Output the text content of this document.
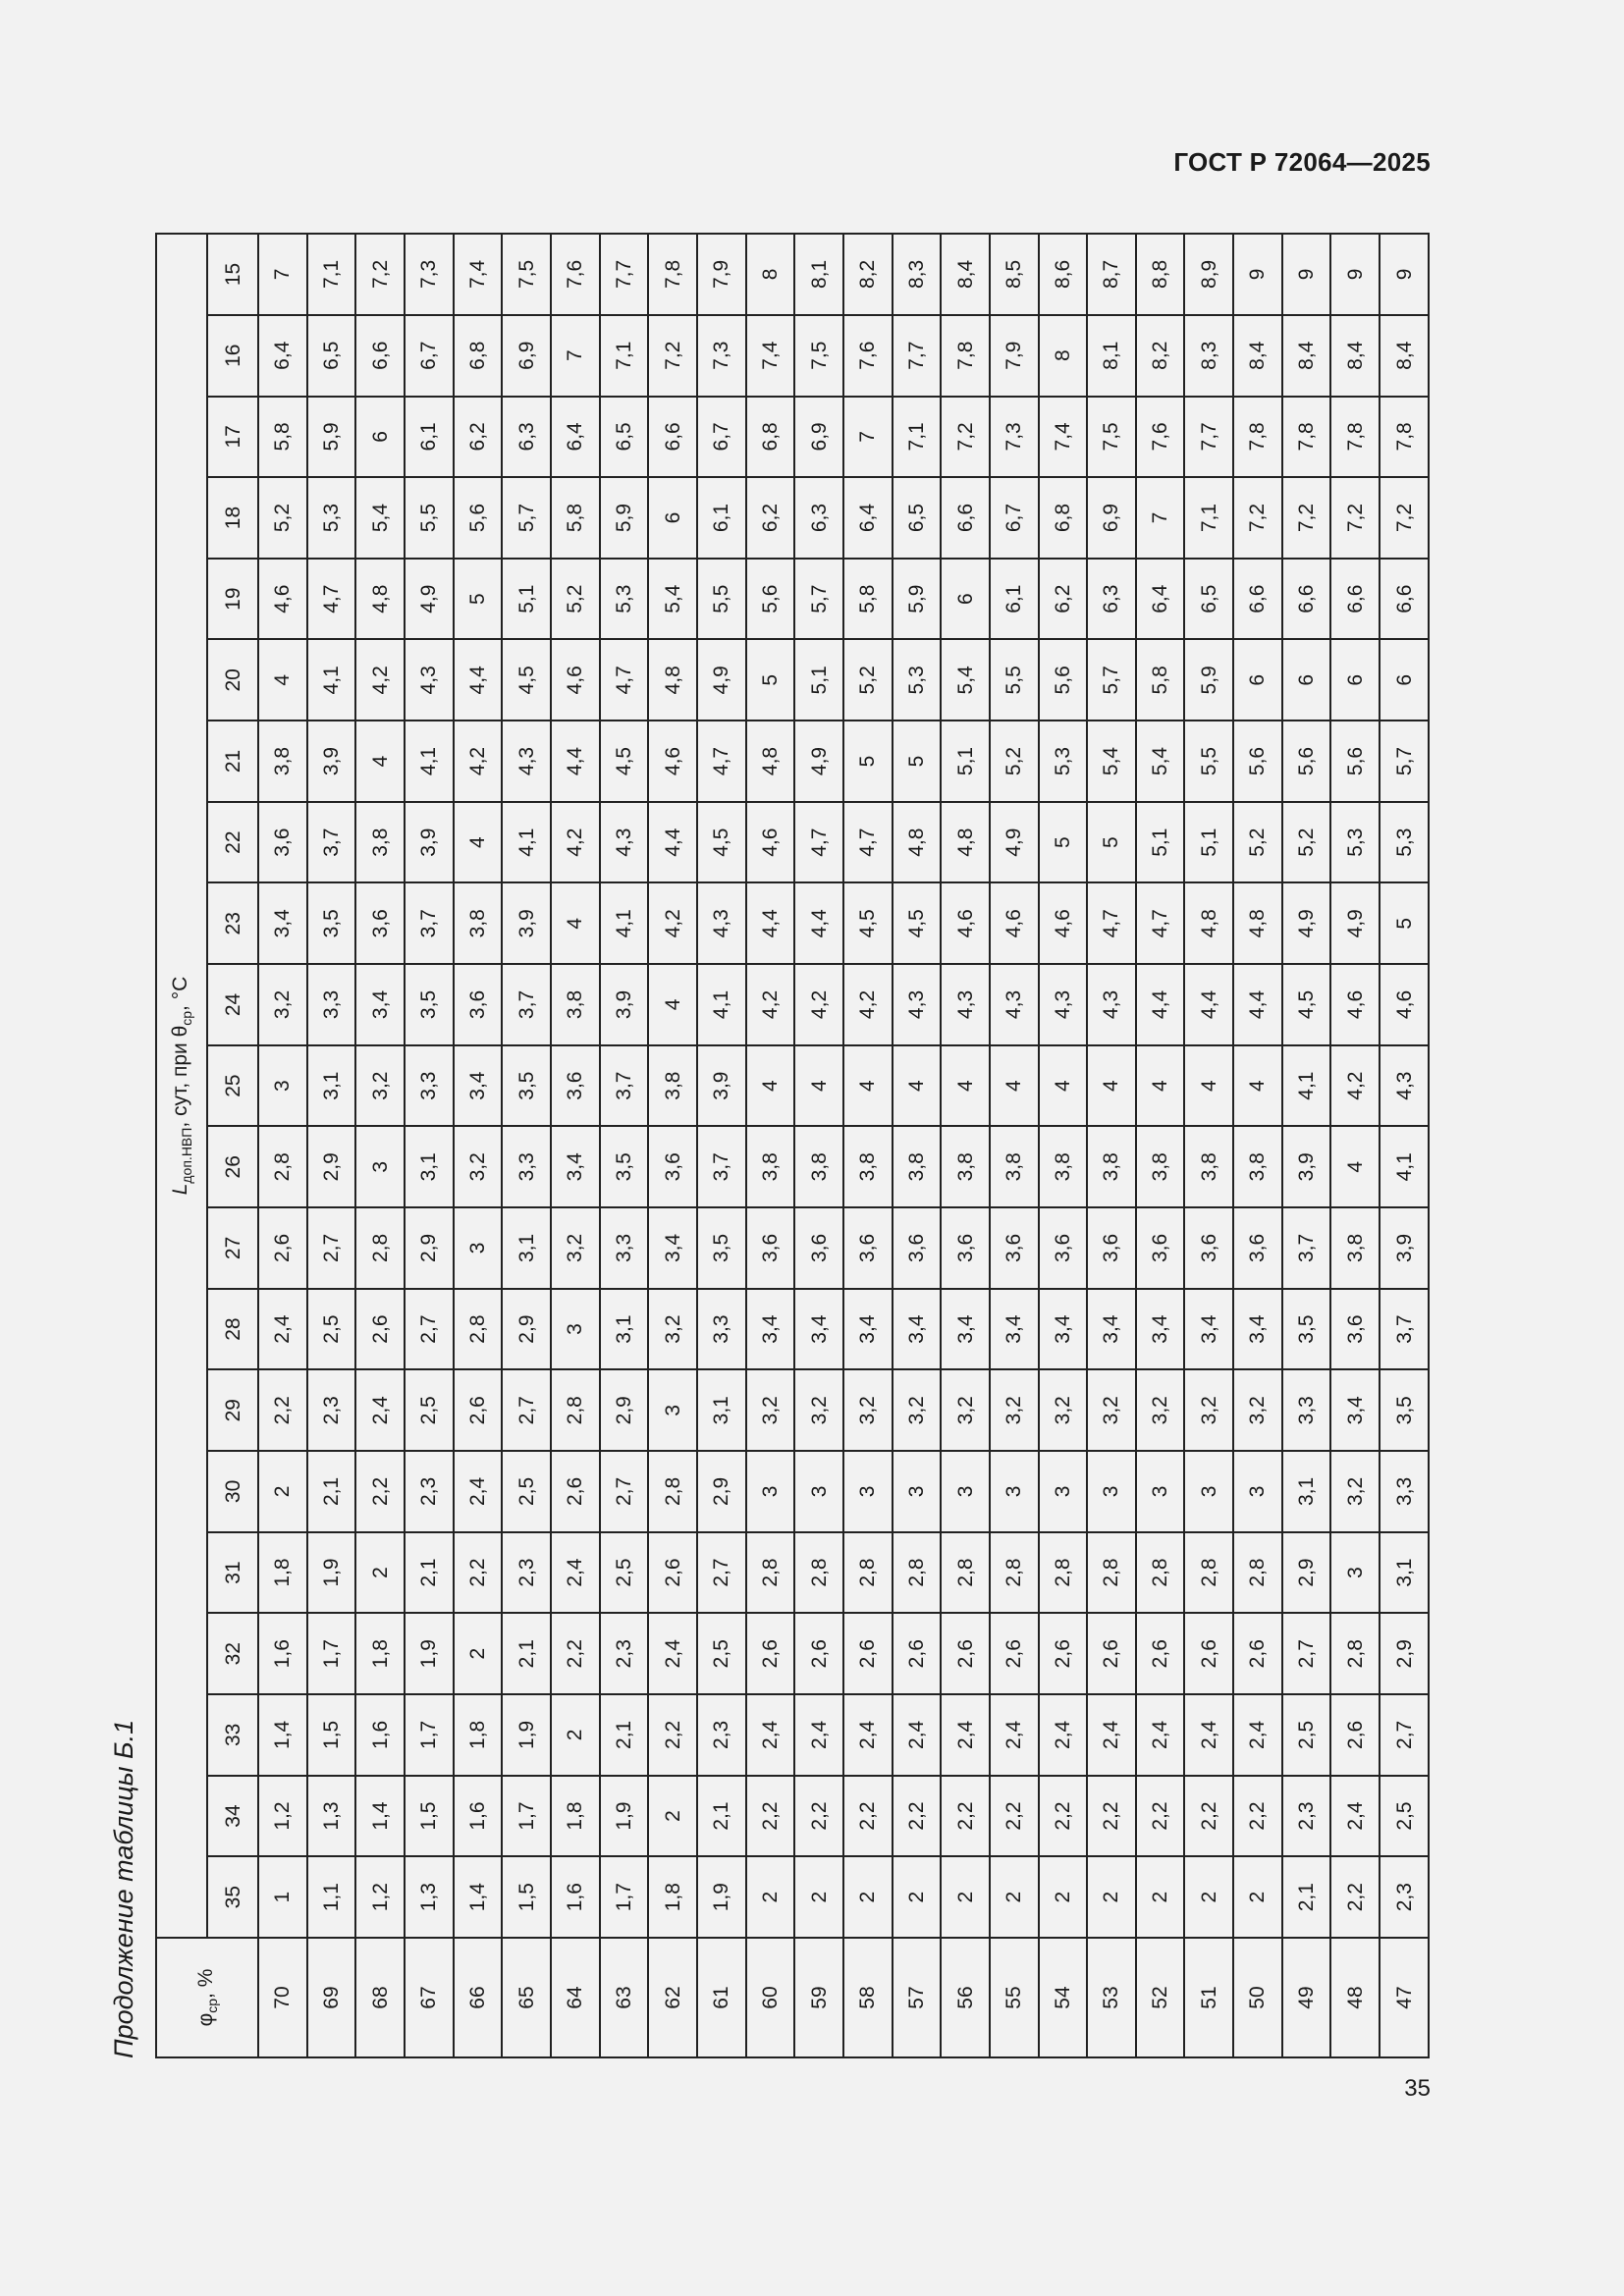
ГОСТ Р 72064—2025
Продолжение таблицы Б.1	$\varphi_{ср}$, %	$L_{доп.НВП}$, сут, при $\theta_{ср}$, °С																				
	35	34	33	32	31	30	29	28	27	26	25	24	23	22	21	20	19	18	17	16	15
70	1	1,2	1,4	1,6	1,8	2	2,2	2,4	2,6	2,8	3	3,2	3,4	3,6	3,8	4	4,6	5,2	5,8	6,4	7
69	1,1	1,3	1,5	1,7	1,9	2,1	2,3	2,5	2,7	2,9	3,1	3,3	3,5	3,7	3,9	4,1	4,7	5,3	5,9	6,5	7,1
68	1,2	1,4	1,6	1,8	2	2,2	2,4	2,6	2,8	3	3,2	3,4	3,6	3,8	4	4,2	4,8	5,4	6	6,6	7,2
67	1,3	1,5	1,7	1,9	2,1	2,3	2,5	2,7	2,9	3,1	3,3	3,5	3,7	3,9	4,1	4,3	4,9	5,5	6,1	6,7	7,3
66	1,4	1,6	1,8	2	2,2	2,4	2,6	2,8	3	3,2	3,4	3,6	3,8	4	4,2	4,4	5	5,6	6,2	6,8	7,4
65	1,5	1,7	1,9	2,1	2,3	2,5	2,7	2,9	3,1	3,3	3,5	3,7	3,9	4,1	4,3	4,5	5,1	5,7	6,3	6,9	7,5
64	1,6	1,8	2	2,2	2,4	2,6	2,8	3	3,2	3,4	3,6	3,8	4	4,2	4,4	4,6	5,2	5,8	6,4	7	7,6
63	1,7	1,9	2,1	2,3	2,5	2,7	2,9	3,1	3,3	3,5	3,7	3,9	4,1	4,3	4,5	4,7	5,3	5,9	6,5	7,1	7,7
62	1,8	2	2,2	2,4	2,6	2,8	3	3,2	3,4	3,6	3,8	4	4,2	4,4	4,6	4,8	5,4	6	6,6	7,2	7,8
61	1,9	2,1	2,3	2,5	2,7	2,9	3,1	3,3	3,5	3,7	3,9	4,1	4,3	4,5	4,7	4,9	5,5	6,1	6,7	7,3	7,9
60	2	2,2	2,4	2,6	2,8	3	3,2	3,4	3,6	3,8	4	4,2	4,4	4,6	4,8	5	5,6	6,2	6,8	7,4	8
59	2	2,2	2,4	2,6	2,8	3	3,2	3,4	3,6	3,8	4	4,2	4,4	4,7	4,9	5,1	5,7	6,3	6,9	7,5	8,1
58	2	2,2	2,4	2,6	2,8	3	3,2	3,4	3,6	3,8	4	4,2	4,5	4,7	5	5,2	5,8	6,4	7	7,6	8,2
57	2	2,2	2,4	2,6	2,8	3	3,2	3,4	3,6	3,8	4	4,3	4,5	4,8	5	5,3	5,9	6,5	7,1	7,7	8,3
56	2	2,2	2,4	2,6	2,8	3	3,2	3,4	3,6	3,8	4	4,3	4,6	4,8	5,1	5,4	6	6,6	7,2	7,8	8,4
55	2	2,2	2,4	2,6	2,8	3	3,2	3,4	3,6	3,8	4	4,3	4,6	4,9	5,2	5,5	6,1	6,7	7,3	7,9	8,5
54	2	2,2	2,4	2,6	2,8	3	3,2	3,4	3,6	3,8	4	4,3	4,6	5	5,3	5,6	6,2	6,8	7,4	8	8,6
53	2	2,2	2,4	2,6	2,8	3	3,2	3,4	3,6	3,8	4	4,3	4,7	5	5,4	5,7	6,3	6,9	7,5	8,1	8,7
52	2	2,2	2,4	2,6	2,8	3	3,2	3,4	3,6	3,8	4	4,4	4,7	5,1	5,4	5,8	6,4	7	7,6	8,2	8,8
51	2	2,2	2,4	2,6	2,8	3	3,2	3,4	3,6	3,8	4	4,4	4,8	5,1	5,5	5,9	6,5	7,1	7,7	8,3	8,9
50	2	2,2	2,4	2,6	2,8	3	3,2	3,4	3,6	3,8	4	4,4	4,8	5,2	5,6	6	6,6	7,2	7,8	8,4	9
49	2,1	2,3	2,5	2,7	2,9	3,1	3,3	3,5	3,7	3,9	4,1	4,5	4,9	5,2	5,6	6	6,6	7,2	7,8	8,4	9
48	2,2	2,4	2,6	2,8	3	3,2	3,4	3,6	3,8	4	4,2	4,6	4,9	5,3	5,6	6	6,6	7,2	7,8	8,4	9
47	2,3	2,5	2,7	2,9	3,1	3,3	3,5	3,7	3,9	4,1	4,3	4,6	5	5,3	5,7	6	6,6	7,2	7,8	8,4	9
35
